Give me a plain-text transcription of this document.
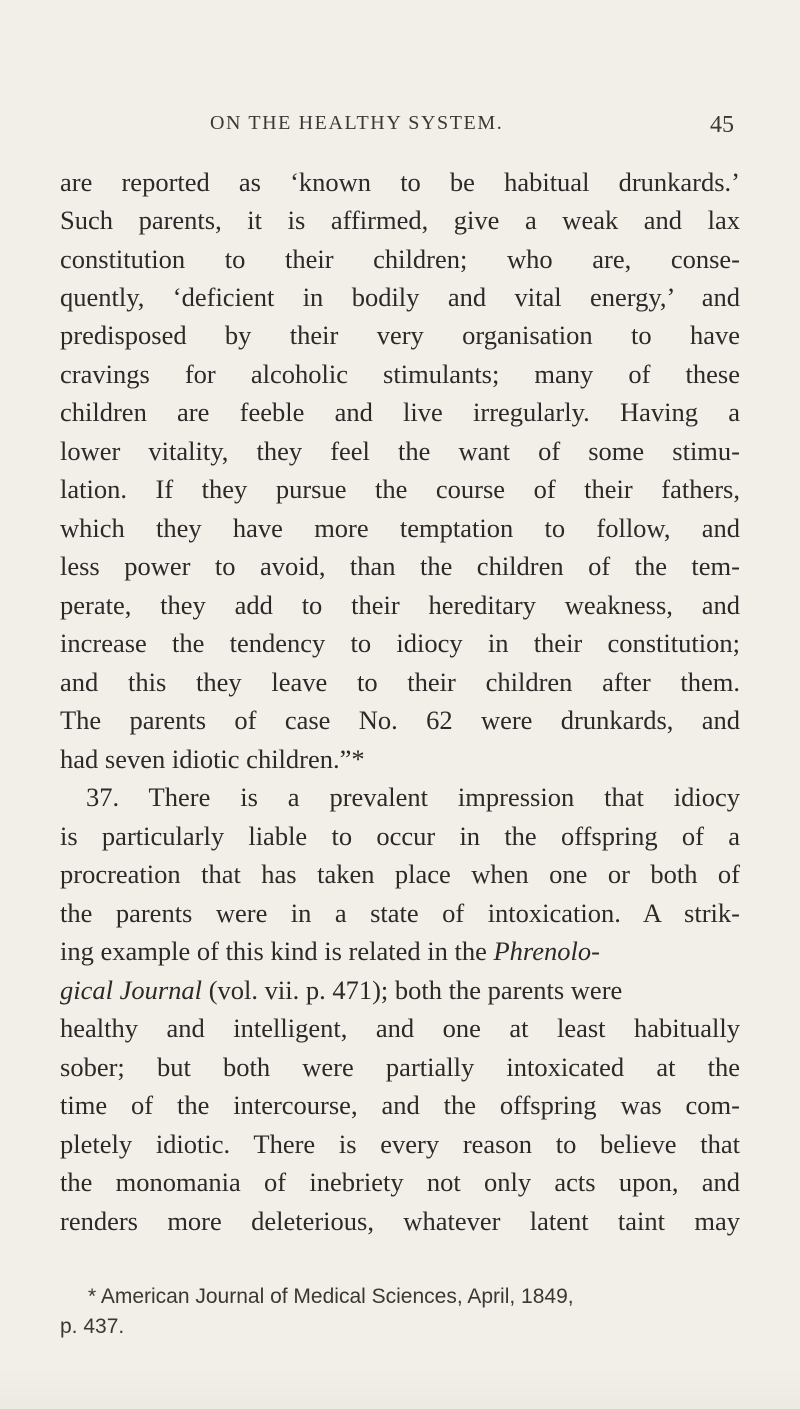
ON THE HEALTHY SYSTEM.	45
are reported as ‘known to be habitual drunkards.’
Such parents, it is affirmed, give a weak and lax
constitution to their children; who are, conse-
quently, ‘deficient in bodily and vital energy,’ and
predisposed by their very organisation to have
cravings for alcoholic stimulants; many of these
children are feeble and live irregularly. Having a
lower vitality, they feel the want of some stimu-
lation. If they pursue the course of their fathers,
which they have more temptation to follow, and
less power to avoid, than the children of the tem-
perate, they add to their hereditary weakness, and
increase the tendency to idiocy in their constitution;
and this they leave to their children after them.
The parents of case No. 62 were drunkards, and
had seven idiotic children.”*
37. There is a prevalent impression that idiocy
is particularly liable to occur in the offspring of a
procreation that has taken place when one or both of
the parents were in a state of intoxication. A strik-
ing example of this kind is related in the Phrenolo-
gical Journal (vol. vii. p. 471); both the parents were
healthy and intelligent, and one at least habitually
sober; but both were partially intoxicated at the
time of the intercourse, and the offspring was com-
pletely idiotic. There is every reason to believe that
the monomania of inebriety not only acts upon, and
renders more deleterious, whatever latent taint may
* American Journal of Medical Sciences, April, 1849,
p. 437.
